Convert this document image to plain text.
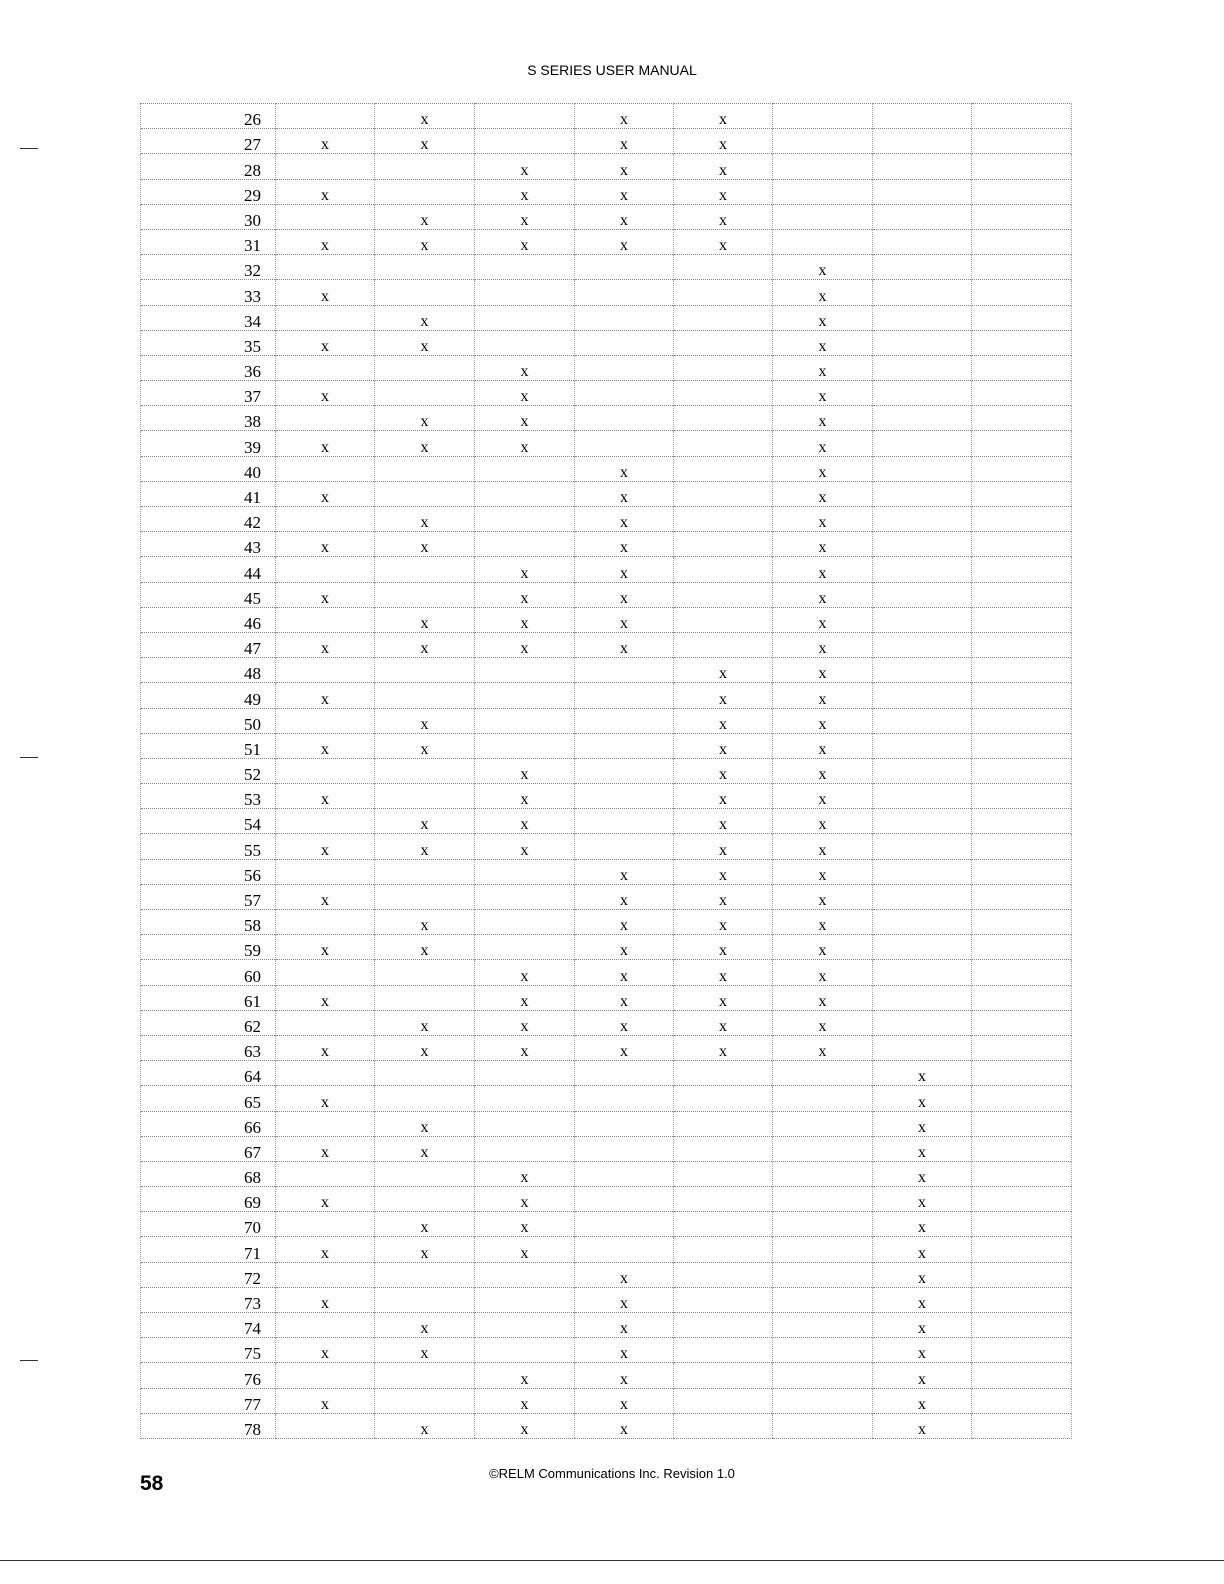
S SERIES USER MANUAL
26		x		x	x			
27	x	x		x	x			
28			x	x	x			
29	x		x	x	x			
30		x	x	x	x			
31	x	x	x	x	x			
32						x		
33	x					x		
34		x				x		
35	x	x				x		
36			x			x		
37	x		x			x		
38		x	x			x		
39	x	x	x			x		
40				x		x		
41	x			x		x		
42		x		x		x		
43	x	x		x		x		
44			x	x		x		
45	x		x	x		x		
46		x	x	x		x		
47	x	x	x	x		x		
48					x	x		
49	x				x	x		
50		x			x	x		
51	x	x			x	x		
52			x		x	x		
53	x		x		x	x		
54		x	x		x	x		
55	x	x	x		x	x		
56				x	x	x		
57	x			x	x	x		
58		x		x	x	x		
59	x	x		x	x	x		
60			x	x	x	x		
61	x		x	x	x	x		
62		x	x	x	x	x		
63	x	x	x	x	x	x		
64							x	
65	x						x	
66		x					x	
67	x	x					x	
68			x				x	
69	x		x				x	
70		x	x				x	
71	x	x	x				x	
72				x			x	
73	x			x			x	
74		x		x			x	
75	x	x		x			x	
76			x	x			x	
77	x		x	x			x	
78		x	x	x			x	
58	©RELM Communications Inc. Revision 1.0
